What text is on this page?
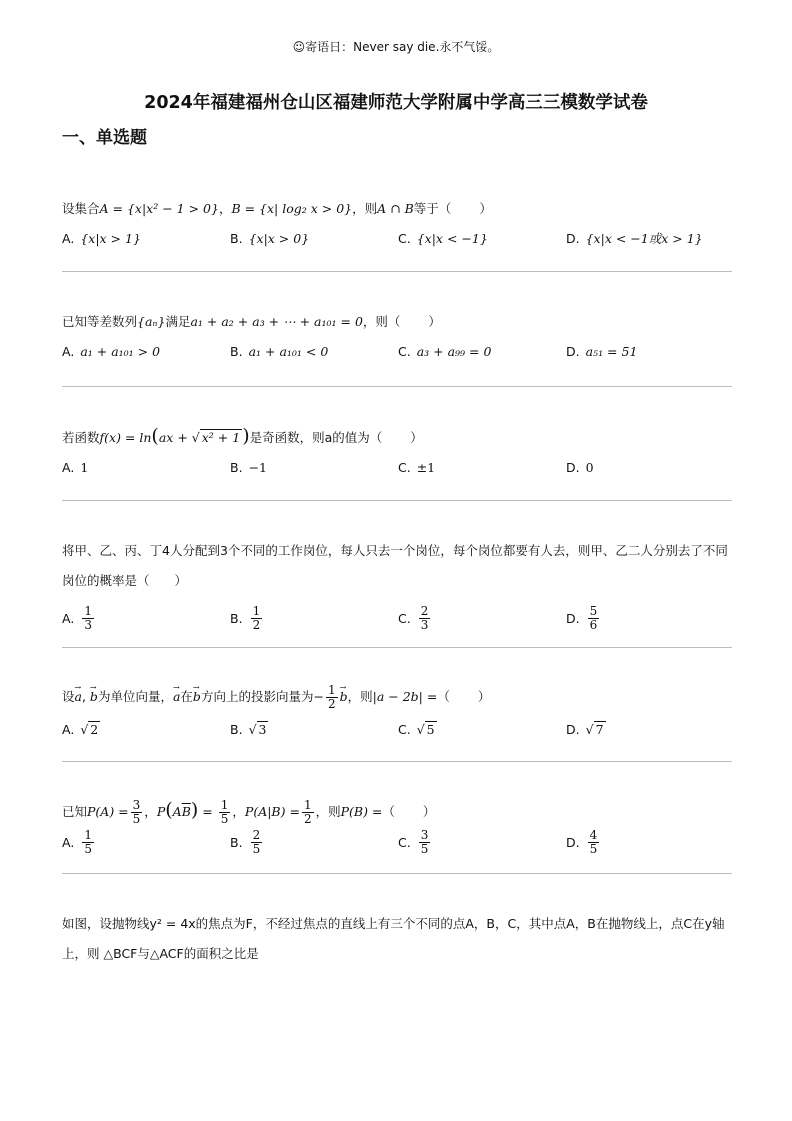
☺寄语日：Never say die.永不气馁。
2024年福建福州仓山区福建师范大学附属中学高三三模数学试卷
一、单选题
设集合A = {x|x² − 1 > 0}，B = {x| log₂ x > 0}，则A ∩ B等于（ ）
A. {x|x > 1}	B. {x|x > 0}	C. {x|x < −1}	D. {x|x < −1或x > 1}
已知等差数列{aₙ}满足a₁ + a₂ + a₃ + ⋯ + a₁₀₁ = 0，则（ ）
A. a₁ + a₁₀₁ > 0	B. a₁ + a₁₀₁ < 0	C. a₃ + a₉₉ = 0	D. a₅₁ = 51
若函数f(x) = ln(ax + √ x² + 1 )是奇函数，则a的值为（ ）
A. 1	B. −1	C. ±1	D. 0
将甲、乙、丙、丁4人分配到3个不同的工作岗位，每人只去一个岗位，每个岗位都要有人去，则甲、乙二人分别去了不同岗位的概率是（　　）
A. $\frac{1}{3}$	B. $\frac{1}{2}$	C. $\frac{2}{3}$	D. $\frac{5}{6}$
设→ a, → b为单位向量，→ a在→ b方向上的投影向量为− $\frac{1}{2} \to b$，则|a − 2b| =（ ）
A. √ 2	B. √ 3	C. √ 5	D. √ 7
已知$P(A) = \frac{3}{5}$ ，$P(A\overline{B}) = \frac{1}{5}$ ，$P(A|B) = \frac{1}{2}$ ，则P(B) =（ ）
A. $\frac{1}{5}$	B. $\frac{2}{5}$	C. $\frac{3}{5}$	D. $\frac{4}{5}$
如图，设抛物线y² = 4x的焦点为F，不经过焦点的直线上有三个不同的点A，B，C，其中点A，B在抛物线上，点C在y轴上，则 △BCF与△ACF的面积之比是
